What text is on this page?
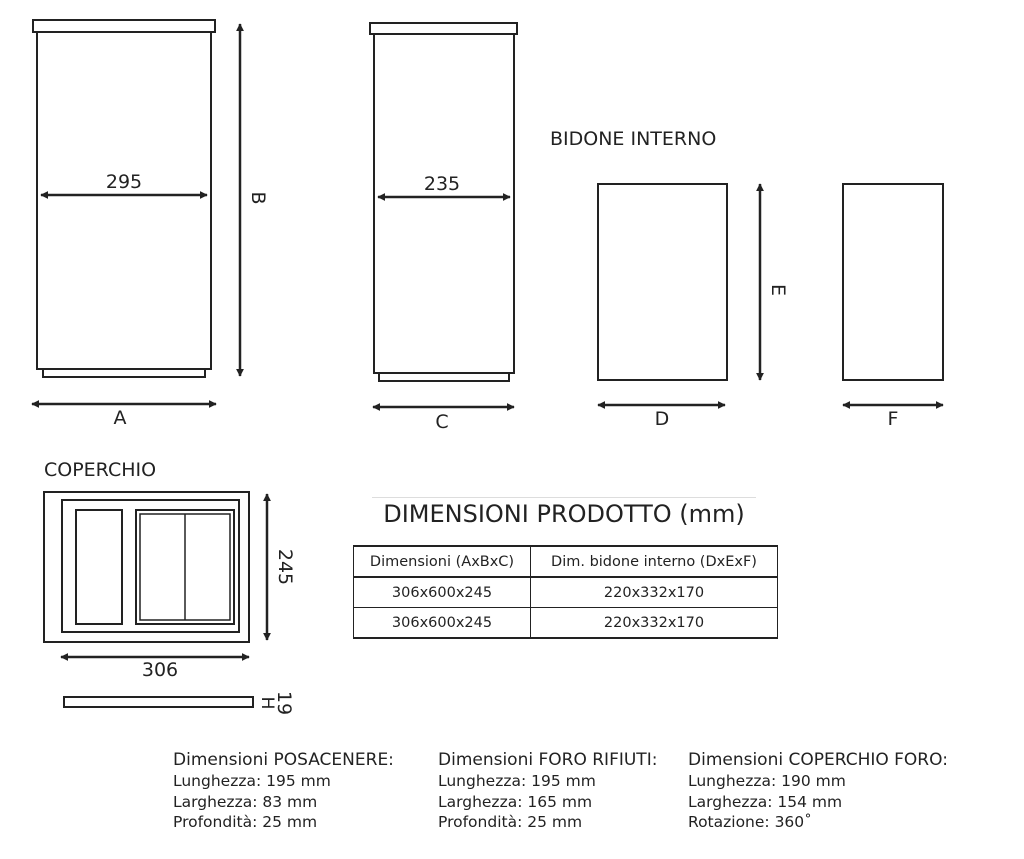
295
B
A
235
C
BIDONE INTERNO
E
D	F
COPERCHIO
245
306
19
H
DIMENSIONI PRODOTTO (mm)
Dimensioni (AxBxC)	Dim. bidone interno (DxExF)
306x600x245	220x332x170
306x600x245	220x332x170
Dimensioni POSACENERE:
Lunghezza: 195 mm
Larghezza: 83 mm
Profondità: 25 mm
Dimensioni FORO RIFIUTI:
Lunghezza: 195 mm
Larghezza: 165 mm
Profondità: 25 mm
Dimensioni COPERCHIO FORO:
Lunghezza: 190 mm
Larghezza: 154 mm
Rotazione: 360˚
